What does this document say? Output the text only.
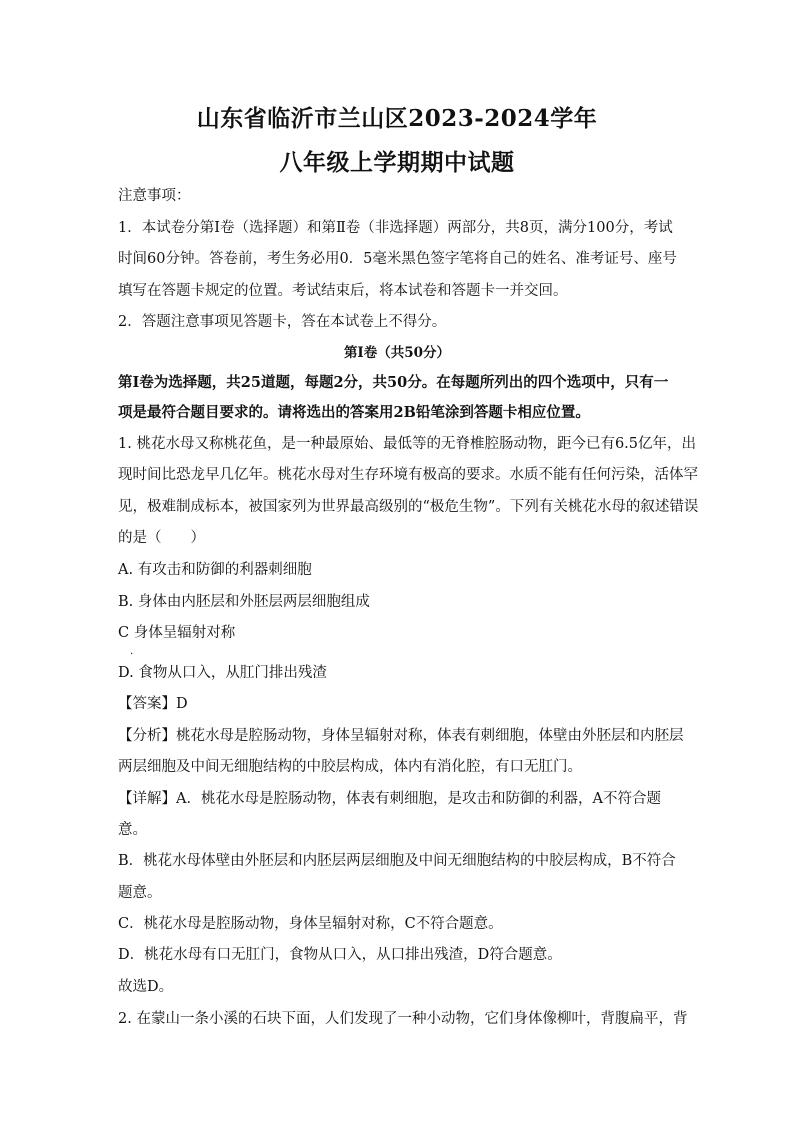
山东省临沂市兰山区2023-2024学年
八年级上学期期中试题
注意事项：
1．本试卷分第Ⅰ卷（选择题）和第Ⅱ卷（非选择题）两部分，共8页，满分100分，考试
时间60分钟。答卷前，考生务必用0．5毫米黑色签字笔将自己的姓名、准考证号、座号
填写在答题卡规定的位置。考试结束后，将本试卷和答题卡一并交回。
2．答题注意事项见答题卡，答在本试卷上不得分。
第Ⅰ卷（共50分）
第Ⅰ卷为选择题，共25道题，每题2分，共50分。在每题所列出的四个选项中，只有一
项是最符合题目要求的。请将选出的答案用2B铅笔涂到答题卡相应位置。
1. 桃花水母又称桃花鱼，是一种最原始、最低等的无脊椎腔肠动物，距今已有6.5亿年，出
现时间比恐龙早几亿年。桃花水母对生存环境有极高的要求。水质不能有任何污染，活体罕
见，极难制成标本，被国家列为世界最高级别的“极危生物”。下列有关桃花水母的叙述错误
的是（　　）
A. 有攻击和防御的利器刺细胞
B. 身体由内胚层和外胚层两层细胞组成
C 身体呈辐射对称
.
D. 食物从口入，从肛门排出残渣
【答案】D
【分析】桃花水母是腔肠动物，身体呈辐射对称，体表有刺细胞，体壁由外胚层和内胚层
两层细胞及中间无细胞结构的中胶层构成，体内有消化腔，有口无肛门。
【详解】A．桃花水母是腔肠动物，体表有刺细胞，是攻击和防御的利器，A不符合题
意。
B．桃花水母体壁由外胚层和内胚层两层细胞及中间无细胞结构的中胶层构成，B不符合
题意。
C．桃花水母是腔肠动物，身体呈辐射对称，C不符合题意。
D．桃花水母有口无肛门，食物从口入，从口排出残渣，D符合题意。
故选D。
2. 在蒙山一条小溪的石块下面，人们发现了一种小动物，它们身体像柳叶，背腹扁平，背
